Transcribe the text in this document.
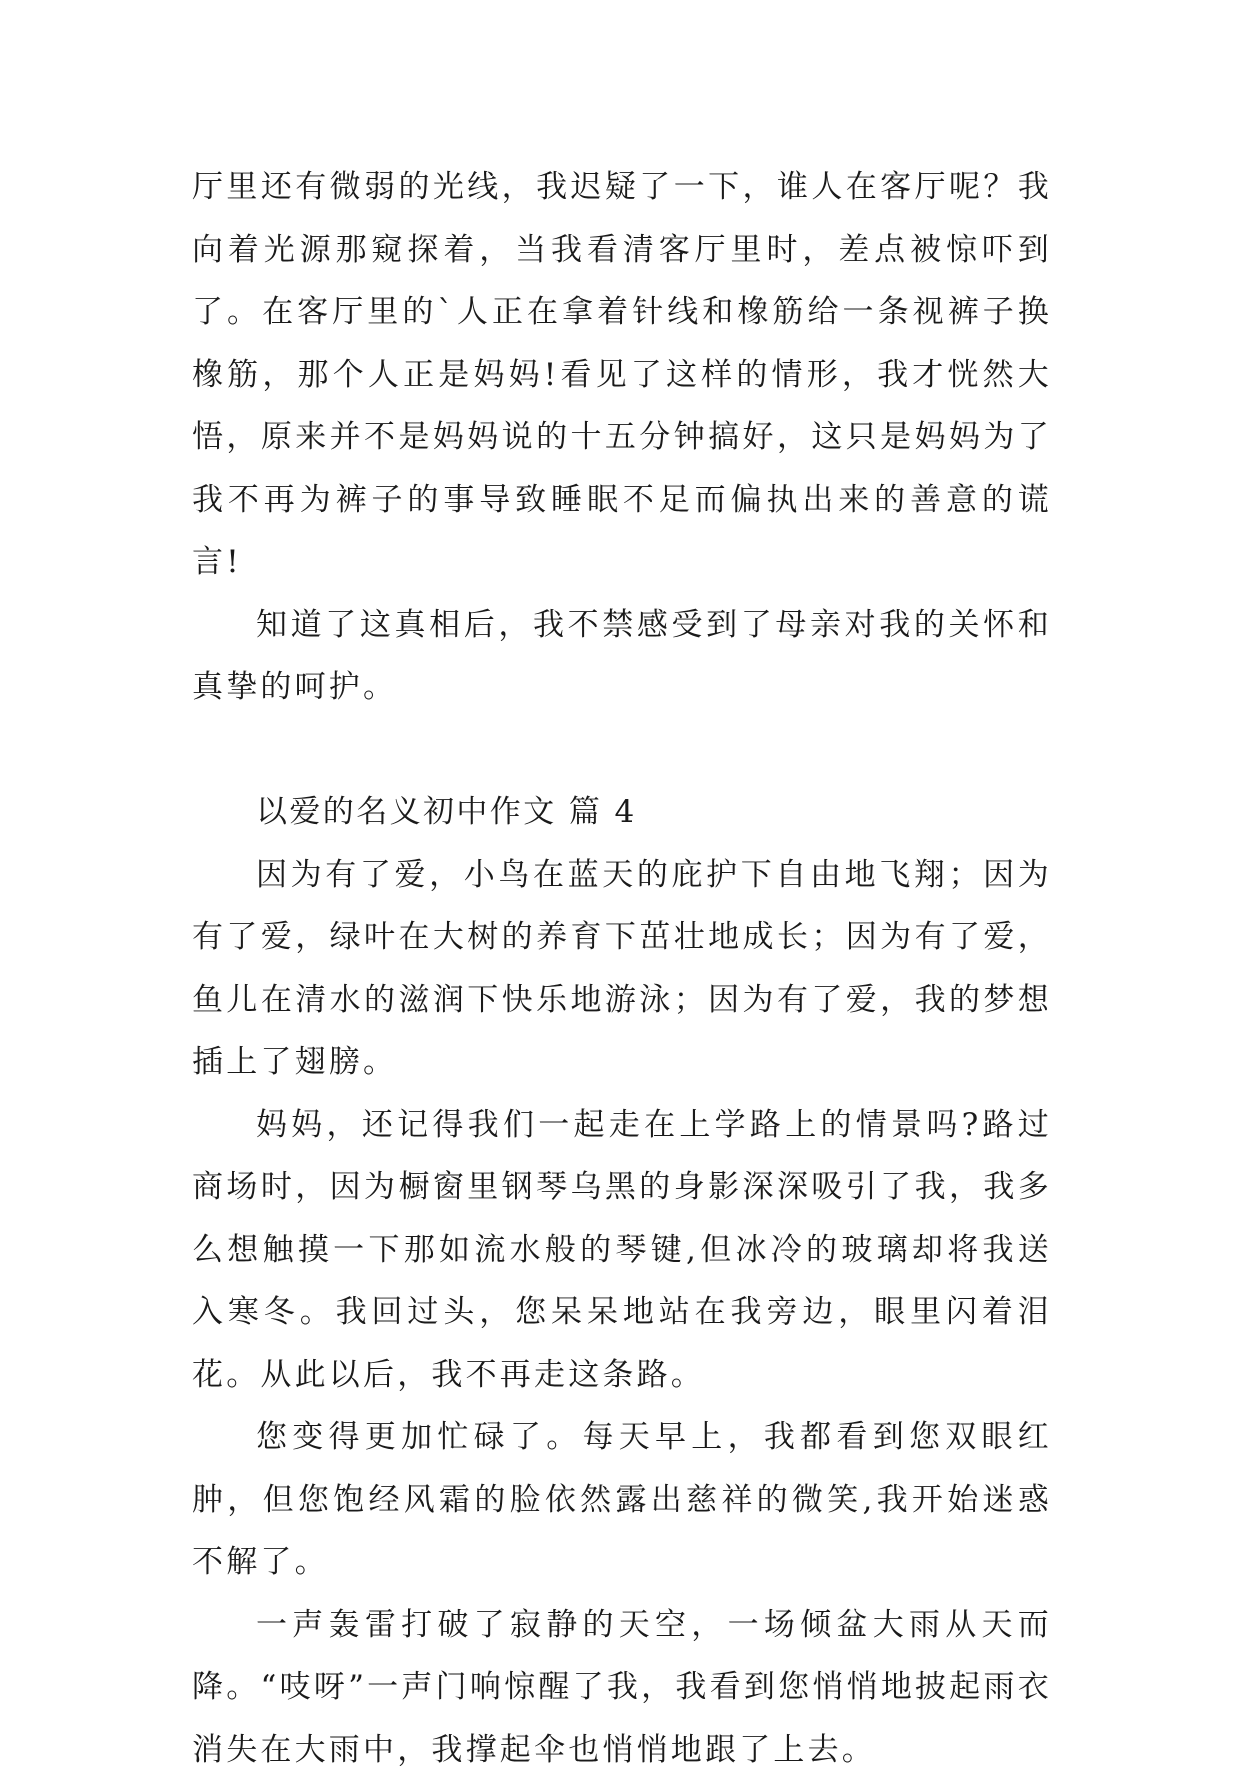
厅里还有微弱的光线，我迟疑了一下，谁人在客厅呢？我向着光源那窥探着，当我看清客厅里时，差点被惊吓到了。在客厅里的`人正在拿着针线和橡筋给一条视裤子换橡筋，那个人正是妈妈!看见了这样的情形，我才恍然大悟，原来并不是妈妈说的十五分钟搞好，这只是妈妈为了我不再为裤子的事导致睡眠不足而偏执出来的善意的谎言!

知道了这真相后，我不禁感受到了母亲对我的关怀和真挚的呵护。

以爱的名义初中作文 篇 4

因为有了爱，小鸟在蓝天的庇护下自由地飞翔；因为有了爱，绿叶在大树的养育下茁壮地成长；因为有了爱，鱼儿在清水的滋润下快乐地游泳；因为有了爱，我的梦想插上了翅膀。

妈妈，还记得我们一起走在上学路上的情景吗?路过商场时，因为橱窗里钢琴乌黑的身影深深吸引了我，我多么想触摸一下那如流水般的琴键,但冰冷的玻璃却将我送入寒冬。我回过头，您呆呆地站在我旁边，眼里闪着泪花。从此以后，我不再走这条路。

您变得更加忙碌了。每天早上，我都看到您双眼红肿，但您饱经风霜的脸依然露出慈祥的微笑,我开始迷惑不解了。

一声轰雷打破了寂静的天空，一场倾盆大雨从天而降。“吱呀”一声门响惊醒了我，我看到您悄悄地披起雨衣消失在大雨中，我撑起伞也悄悄地跟了上去。
